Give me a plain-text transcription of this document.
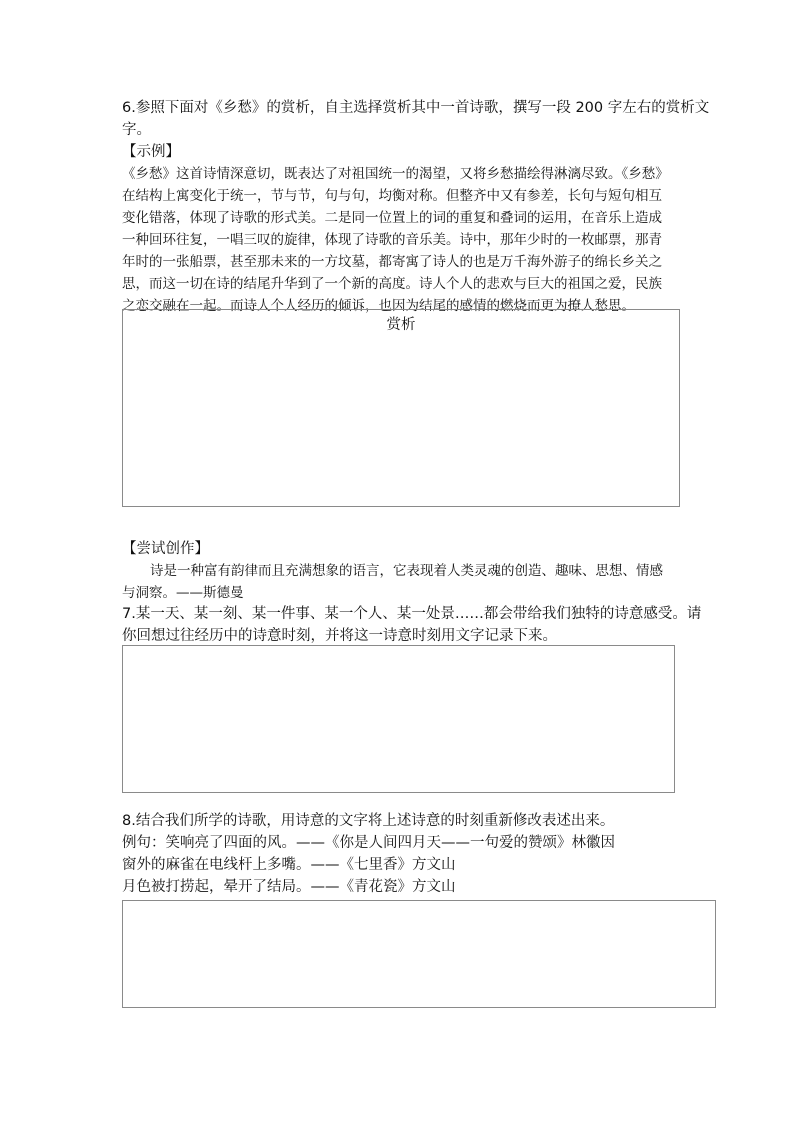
6.参照下面对《乡愁》的赏析，自主选择赏析其中一首诗歌，撰写一段 200 字左右的赏析文
字。
【示例】
《乡愁》这首诗情深意切，既表达了对祖国统一的渴望，又将乡愁描绘得淋漓尽致。《乡愁》
在结构上寓变化于统一，节与节，句与句，均衡对称。但整齐中又有参差，长句与短句相互
变化错落，体现了诗歌的形式美。二是同一位置上的词的重复和叠词的运用，在音乐上造成
一种回环往复，一唱三叹的旋律，体现了诗歌的音乐美。诗中，那年少时的一枚邮票，那青
年时的一张船票，甚至那未来的一方坟墓，都寄寓了诗人的也是万千海外游子的绵长乡关之
思，而这一切在诗的结尾升华到了一个新的高度。诗人个人的悲欢与巨大的祖国之爱，民族
之恋交融在一起。而诗人个人经历的倾诉，也因为结尾的感情的燃烧而更为撩人愁思。
赏析
【尝试创作】
诗是一种富有韵律而且充满想象的语言，它表现着人类灵魂的创造、趣味、思想、情感
与洞察。——斯德曼
7.某一天、某一刻、某一件事、某一个人、某一处景……都会带给我们独特的诗意感受。请
你回想过往经历中的诗意时刻，并将这一诗意时刻用文字记录下来。
8.结合我们所学的诗歌，用诗意的文字将上述诗意的时刻重新修改表述出来。
例句：笑响亮了四面的风。——《你是人间四月天——一句爱的赞颂》林徽因
窗外的麻雀在电线杆上多嘴。——《七里香》方文山
月色被打捞起，晕开了结局。——《青花瓷》方文山
